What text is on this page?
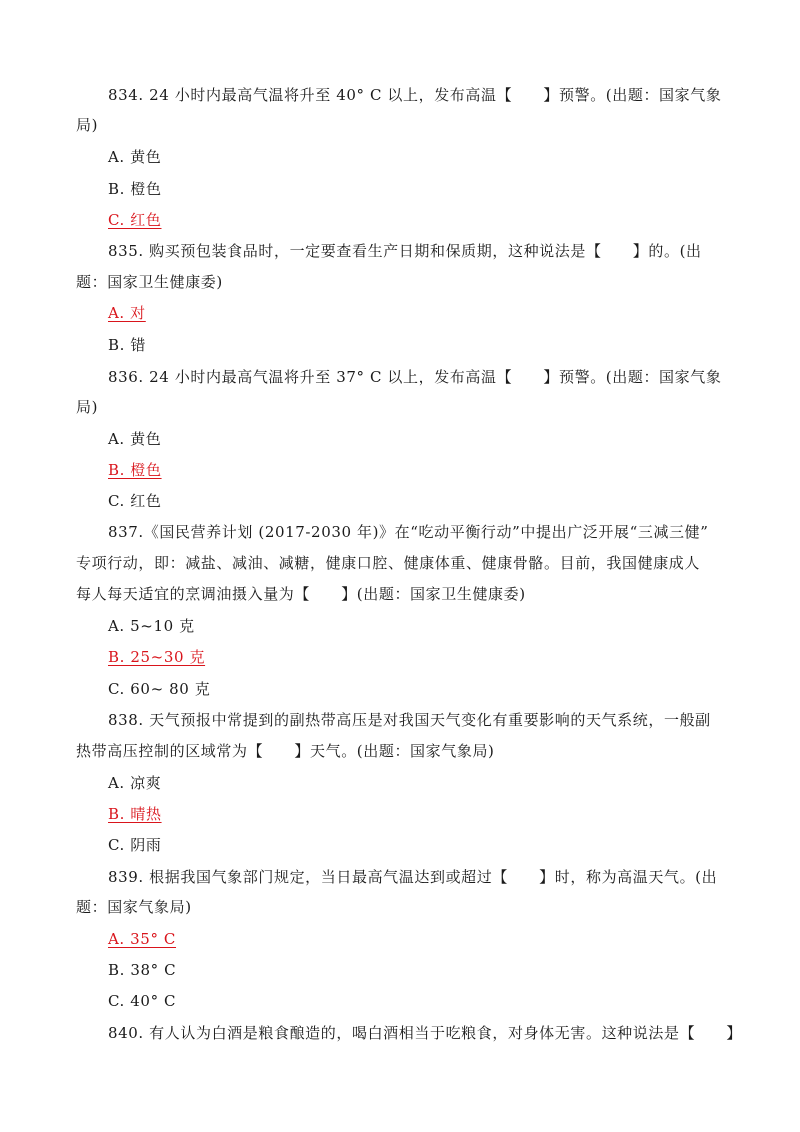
834. 24 小时内最高气温将升至 40° C 以上，发布高温【　　】预警。(出题：国家气象
局)
A. 黄色
B. 橙色
C. 红色
835. 购买预包装食品时，一定要查看生产日期和保质期，这种说法是【　　】的。(出
题：国家卫生健康委)
A. 对
B. 错
836. 24 小时内最高气温将升至 37° C 以上，发布高温【　　】预警。(出题：国家气象
局)
A. 黄色
B. 橙色
C. 红色
837.《国民营养计划 (2017-2030 年)》在“吃动平衡行动”中提出广泛开展“三减三健”
专项行动，即：减盐、减油、减糖，健康口腔、健康体重、健康骨骼。目前，我国健康成人
每人每天适宜的烹调油摄入量为【　　】(出题：国家卫生健康委)
A. 5~10 克
B. 25~30 克
C. 60~ 80 克
838. 天气预报中常提到的副热带高压是对我国天气变化有重要影响的天气系统，一般副
热带高压控制的区域常为【　　】天气。(出题：国家气象局)
A. 凉爽
B. 晴热
C. 阴雨
839. 根据我国气象部门规定，当日最高气温达到或超过【　　】时，称为高温天气。(出
题：国家气象局)
A. 35° C
B. 38° C
C. 40° C
840. 有人认为白酒是粮食酿造的，喝白酒相当于吃粮食，对身体无害。这种说法是【　　】
